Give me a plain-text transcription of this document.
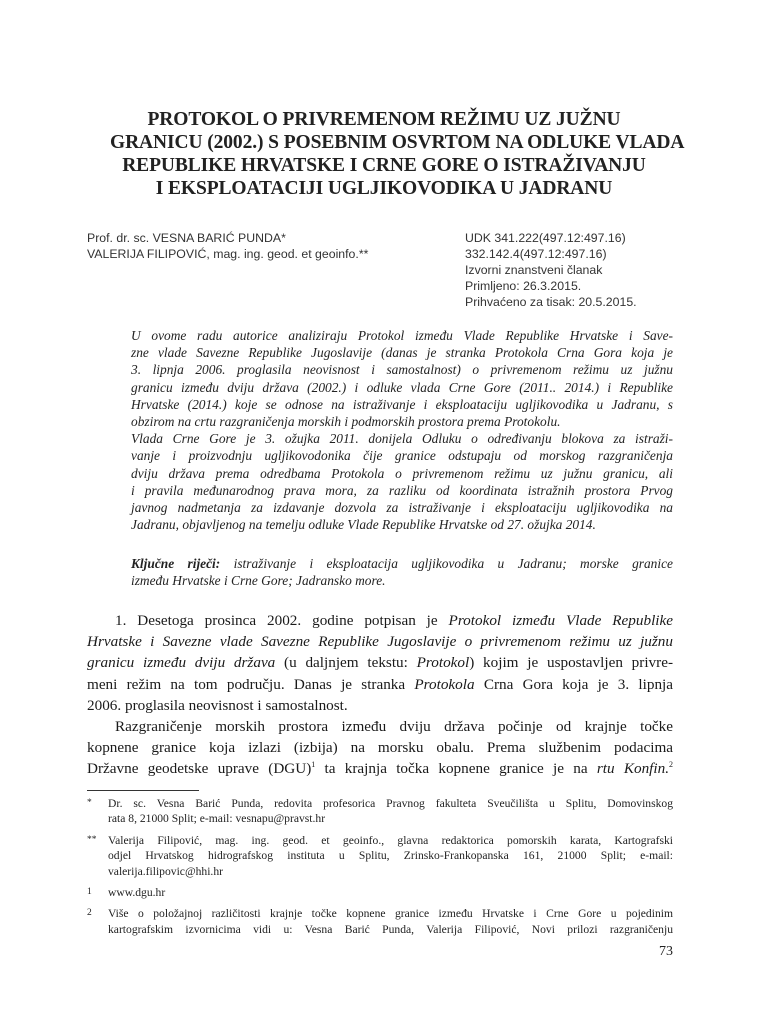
PROTOKOL O PRIVREMENOM REŽIMU UZ JUŽNU
GRANICU (2002.) S POSEBNIM OSVRTOM NA ODLUKE VLADA
REPUBLIKE HRVATSKE I CRNE GORE O ISTRAŽIVANJU
I EKSPLOATACIJI UGLJIKOVODIKA U JADRANU
Prof. dr. sc. VESNA BARIĆ PUNDA*
VALERIJA FILIPOVIĆ, mag. ing. geod. et geoinfo.**
UDK 341.222(497.12:497.16)
332.142.4(497.12:497.16)
Izvorni znanstveni članak
Primljeno: 26.3.2015.
Prihvaćeno za tisak: 20.5.2015.
U ovome radu autorice analiziraju Protokol između Vlade Republike Hrvatske i Save-
zne vlade Savezne Republike Jugoslavije (danas je stranka Protokola Crna Gora koja je
3. lipnja 2006. proglasila neovisnost i samostalnost) o privremenom režimu uz južnu
granicu između dviju država (2002.) i odluke vlada Crne Gore (2011.. 2014.) i Republike
Hrvatske (2014.) koje se odnose na istraživanje i eksploataciju ugljikovodika u Jadranu, s
obzirom na crtu razgraničenja morskih i podmorskih prostora prema Protokolu.
Vlada Crne Gore je 3. ožujka 2011. donijela Odluku o određivanju blokova za istraži-
vanje i proizvodnju ugljikovodonika čije granice odstupaju od morskog razgraničenja
dviju država prema odredbama Protokola o privremenom režimu uz južnu granicu, ali
i pravila međunarodnog prava mora, za razliku od koordinata istražnih prostora Prvog
javnog nadmetanja za izdavanje dozvola za istraživanje i eksploataciju ugljikovodika na
Jadranu, objavljenog na temelju odluke Vlade Republike Hrvatske od 27. ožujka 2014.
Ključne riječi: istraživanje i eksploatacija ugljikovodika u Jadranu; morske granice
između Hrvatske i Crne Gore; Jadransko more.
1. Desetoga prosinca 2002. godine potpisan je Protokol između Vlade Republike
Hrvatske i Savezne vlade Savezne Republike Jugoslavije o privremenom režimu uz južnu
granicu između dviju država (u daljnjem tekstu: Protokol) kojim je uspostavljen privre-
meni režim na tom području. Danas je stranka Protokola Crna Gora koja je 3. lipnja
2006. proglasila neovisnost i samostalnost.
Razgraničenje morskih prostora između dviju država počinje od krajnje točke
kopnene granice koja izlazi (izbija) na morsku obalu. Prema službenim podacima
Državne geodetske uprave (DGU)$^1$ ta krajnja točka kopnene granice je na rtu Konfin.$^2$
* Dr. sc. Vesna Barić Punda, redovita profesorica Pravnog fakulteta Sveučilišta u Splitu, Domovinskog
rata 8, 21000 Split; e-mail: vesnapu@pravst.hr
** Valerija Filipović, mag. ing. geod. et geoinfo., glavna redaktorica pomorskih karata, Kartografski
odjel Hrvatskog hidrografskog instituta u Splitu, Zrinsko-Frankopanska 161, 21000 Split; e-mail:
valerija.filipovic@hhi.hr
1 www.dgu.hr
2 Više o položajnoj različitosti krajnje točke kopnene granice između Hrvatske i Crne Gore u pojedinim
kartografskim izvornicima vidi u: Vesna Barić Punda, Valerija Filipović, Novi prilozi razgraničenju
73
